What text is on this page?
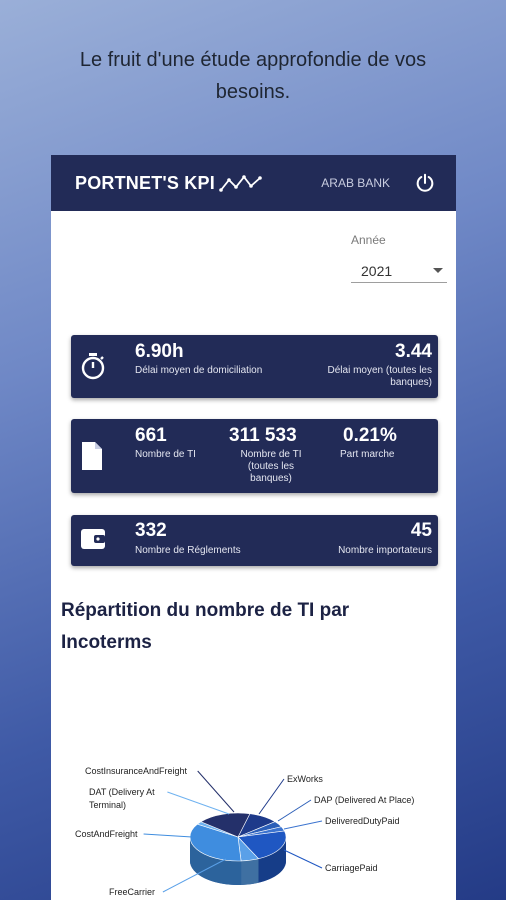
Le fruit d'une étude approfondie de vos
besoins.
PORTNET'S KPI	ARAB BANK
Année
2021
6.90h
Délai moyen de domiciliation
3.44
Délai moyen (toutes les
banques)
661
Nombre de TI
311 533
Nombre de TI
(toutes les
banques)
0.21%
Part marche
332
Nombre de Réglements
45
Nombre importateurs
Répartition du nombre de TI par
Incoterms
CostInsuranceAndFreight
DAT (Delivery At
Terminal)
CostAndFreight
FreeCarrier
ExWorks
DAP (Delivered At Place)
DeliveredDutyPaid
CarriagePaid
